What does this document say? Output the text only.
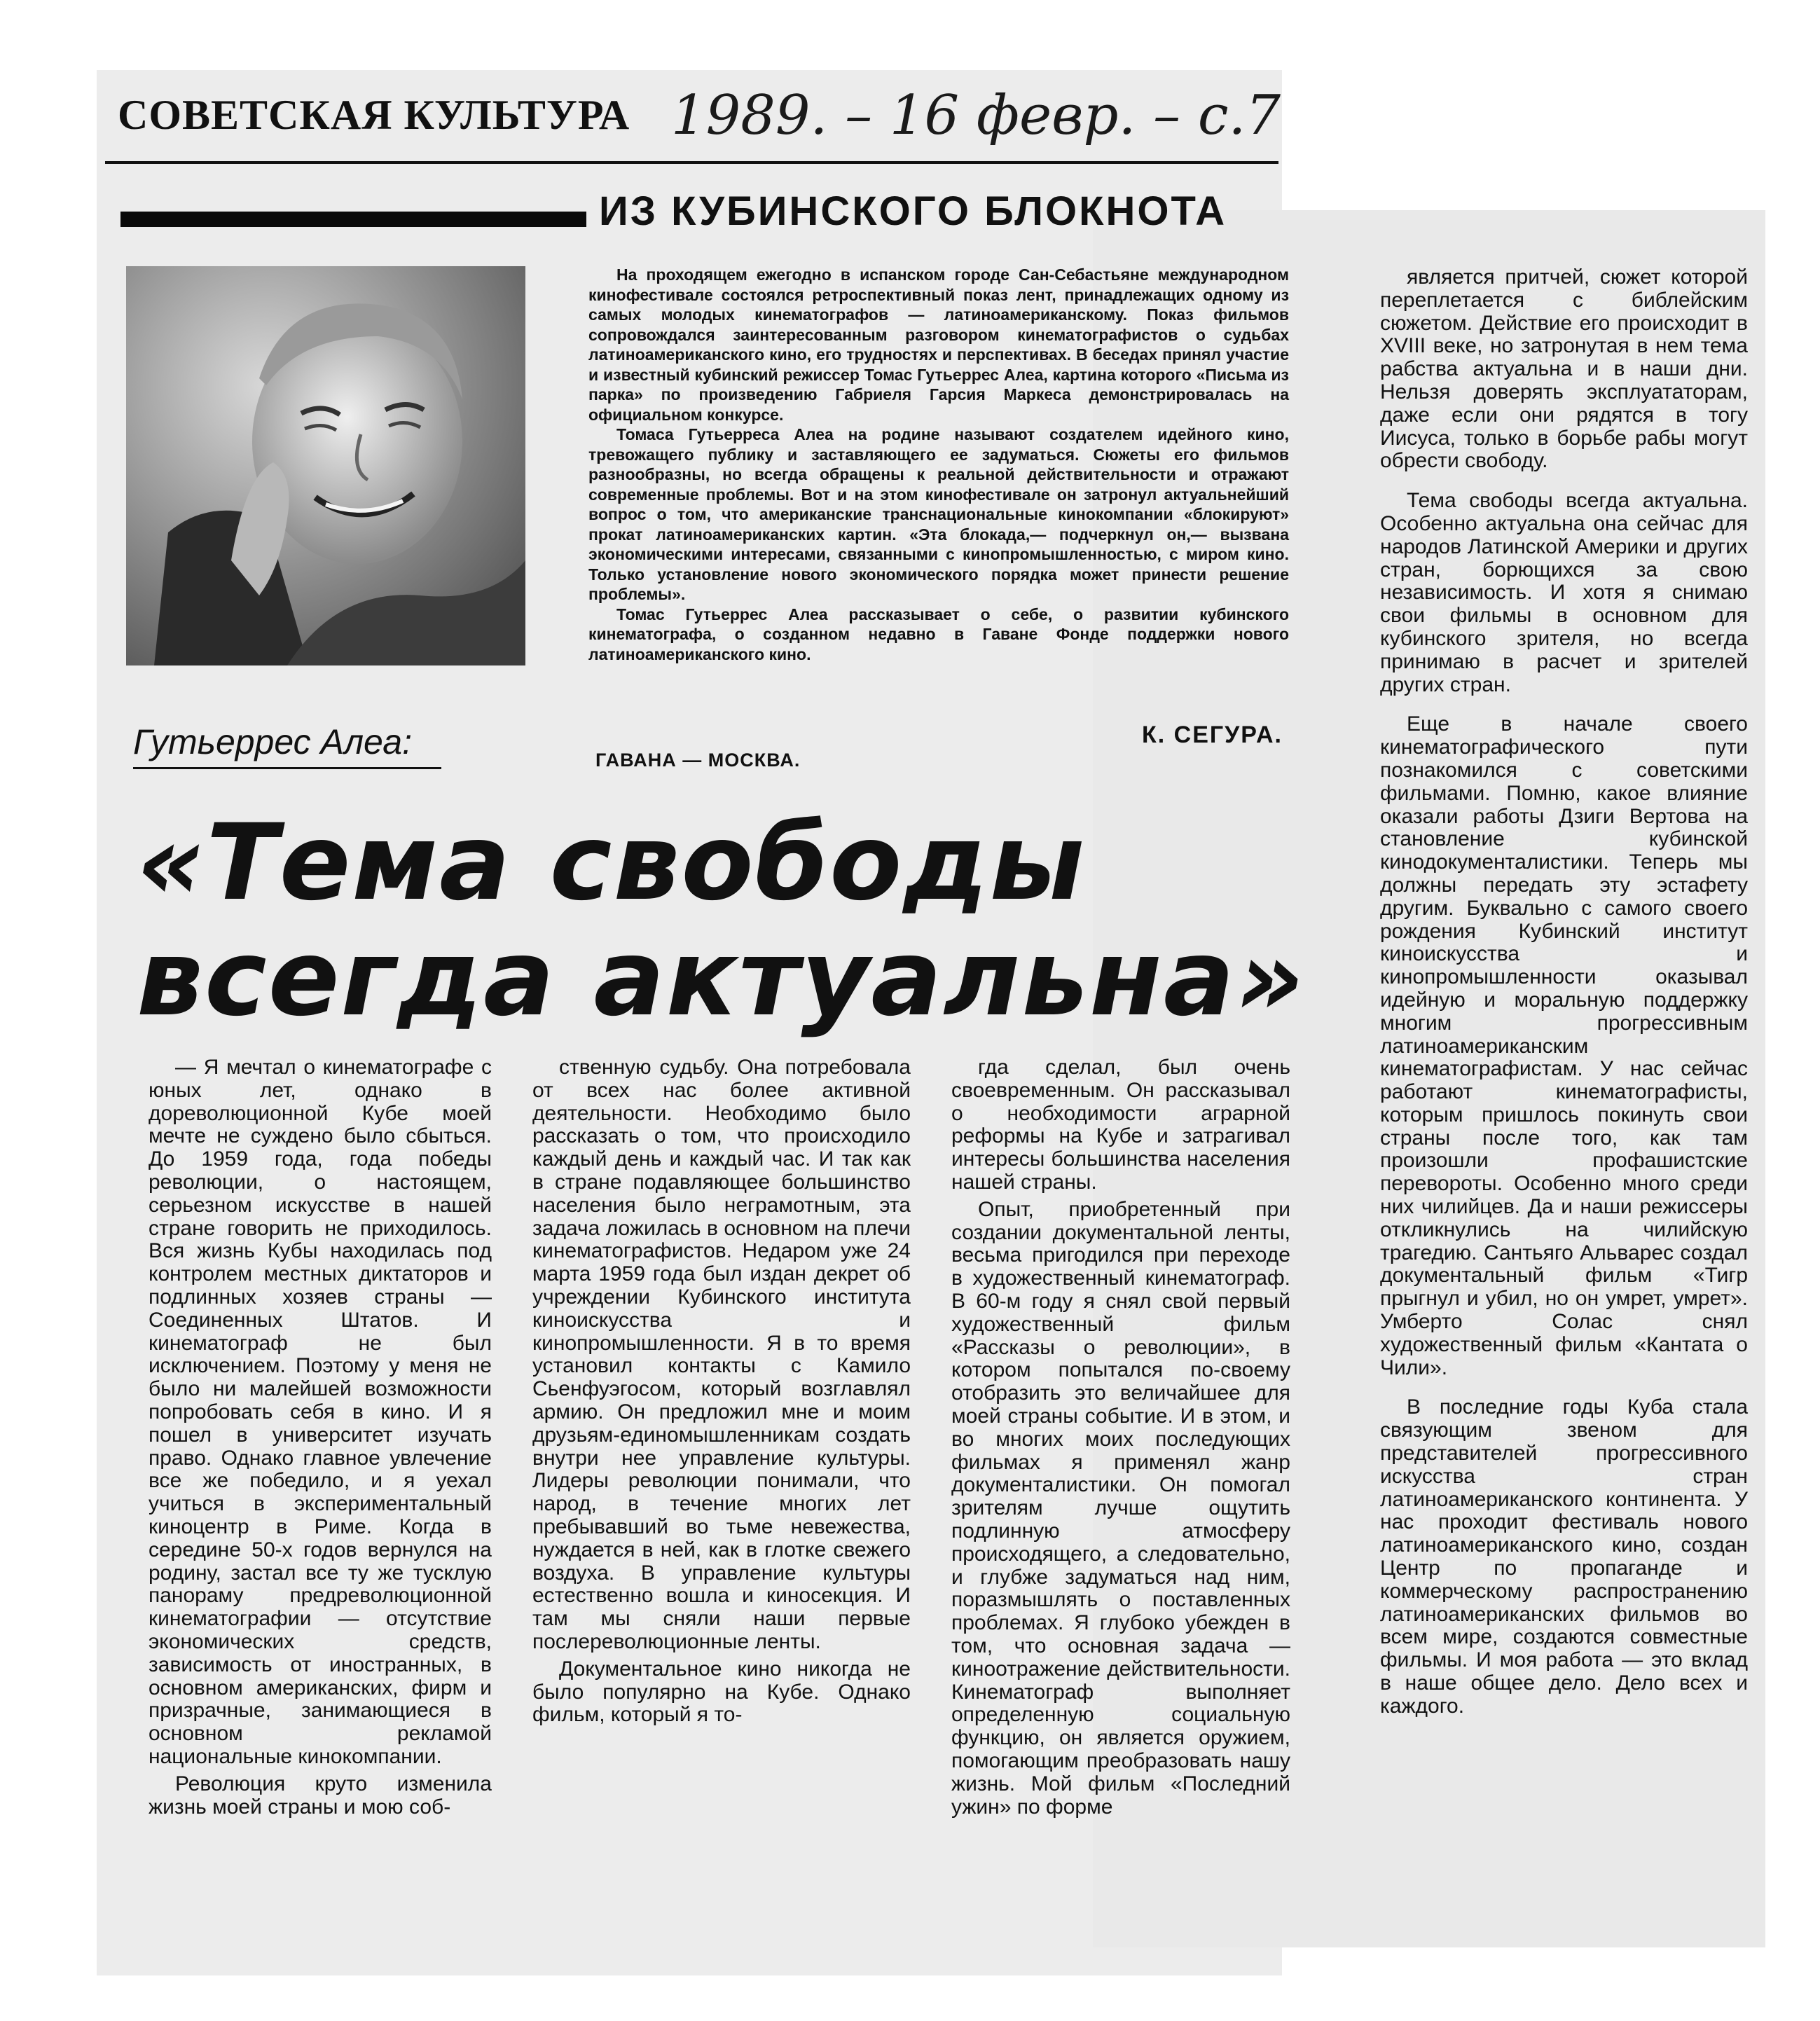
СОВЕТСКАЯ КУЛЬТУРА 1989. – 16 февр. – с.7
ИЗ КУБИНСКОГО БЛОКНОТА

На проходящем ежегодно в испанском городе Сан-Себастьяне международном кинофестивале состоялся ретроспективный показ лент, принадлежащих одному из самых молодых кинематографов — латиноамериканскому. Показ фильмов сопровождался заинтересованным разговором кинематографистов о судьбах латиноамериканского кино, его трудностях и перспективах. В беседах принял участие и известный кубинский режиссер Томас Гутьеррес Алеа, картина которого «Письма из парка» по произведению Габриеля Гарсия Маркеса демонстрировалась на официальном конкурсе.

Томаса Гутьерреса Алеа на родине называют создателем идейного кино, тревожащего публику и заставляющего ее задуматься. Сюжеты его фильмов разнообразны, но всегда обращены к реальной действительности и отражают современные проблемы. Вот и на этом кинофестивале он затронул актуальнейший вопрос о том, что американские транснациональные кинокомпании «блокируют» прокат латиноамериканских картин. «Эта блокада,— подчеркнул он,— вызвана экономическими интересами, связанными с кинопромышленностью, с миром кино. Только установление нового экономического порядка может принести решение проблемы».

Томас Гутьеррес Алеа рассказывает о себе, о развитии кубинского кинематографа, о созданном недавно в Гаване Фонде поддержки нового латиноамериканского кино.

К. СЕГУРА.
ГАВАНА — МОСКВА.
Гутьеррес Алеа:
«Тема свободы
всегда актуальна»

— Я мечтал о кинематографе с юных лет, однако в дореволюционной Кубе моей мечте не суждено было сбыться. До 1959 года, года победы революции, о настоящем, серьезном искусстве в нашей стране говорить не приходилось. Вся жизнь Кубы находилась под контролем местных диктаторов и подлинных хозяев страны — Соединенных Штатов. И кинематограф не был исключением. Поэтому у меня не было ни малейшей возможности попробовать себя в кино. И я пошел в университет изучать право. Однако главное увлечение все же победило, и я уехал учиться в экспериментальный киноцентр в Риме. Когда в середине 50-х годов вернулся на родину, застал все ту же тусклую панораму предреволюционной кинематографии — отсутствие экономических средств, зависимость от иностранных, в основном американских, фирм и призрачные, занимающиеся в основном рекламой национальные кинокомпании.

Революция круто изменила жизнь моей страны и мою соб-

ственную судьбу. Она потребовала от всех нас более активной деятельности. Необходимо было рассказать о том, что происходило каждый день и каждый час. И так как в стране подавляющее большинство населения было неграмотным, эта задача ложилась в основном на плечи кинематографистов. Недаром уже 24 марта 1959 года был издан декрет об учреждении Кубинского института киноискусства и кинопромышленности. Я в то время установил контакты с Камило Сьенфуэгосом, который возглавлял армию. Он предложил мне и моим друзьям-единомышленникам создать внутри нее управление культуры. Лидеры революции понимали, что народ, в течение многих лет пребывавший во тьме невежества, нуждается в ней, как в глотке свежего воздуха. В управление культуры естественно вошла и киносекция. И там мы сняли наши первые послереволюционные ленты.

Документальное кино никогда не было популярно на Кубе. Однако фильм, который я то-

гда сделал, был очень своевременным. Он рассказывал о необходимости аграрной реформы на Кубе и затрагивал интересы большинства населения нашей страны.

Опыт, приобретенный при создании документальной ленты, весьма пригодился при переходе в художественный кинематограф. В 60-м году я снял свой первый художественный фильм «Рассказы о революции», в котором попытался по-своему отобразить это величайшее для моей страны событие. И в этом, и во многих моих последующих фильмах я применял жанр документалистики. Он помогал зрителям лучше ощутить подлинную атмосферу происходящего, а следовательно, и глубже задуматься над ним, поразмышлять о поставленных проблемах. Я глубоко убежден в том, что основная задача — киноотражение действительности. Кинематограф выполняет определенную социальную функцию, он является оружием, помогающим преобразовать нашу жизнь. Мой фильм «Последний ужин» по форме

является притчей, сюжет которой переплетается с библейским сюжетом. Действие его происходит в XVIII веке, но затронутая в нем тема рабства актуальна и в наши дни. Нельзя доверять эксплуататорам, даже если они рядятся в тогу Иисуса, только в борьбе рабы могут обрести свободу.

Тема свободы всегда актуальна. Особенно актуальна она сейчас для народов Латинской Америки и других стран, борющихся за свою независимость. И хотя я снимаю свои фильмы в основном для кубинского зрителя, но всегда принимаю в расчет и зрителей других стран.

Еще в начале своего кинематографического пути познакомился с советскими фильмами. Помню, какое влияние оказали работы Дзиги Вертова на становление кубинской кинодокументалистики. Теперь мы должны передать эту эстафету другим. Буквально с самого своего рождения Кубинский институт киноискусства и кинопромышленности оказывал идейную и моральную поддержку многим прогрессивным латиноамериканским кинематографистам. У нас сейчас работают кинематографисты, которым пришлось покинуть свои страны после того, как там произошли профашистские перевороты. Особенно много среди них чилийцев. Да и наши режиссеры откликнулись на чилийскую трагедию. Сантьяго Альварес создал документальный фильм «Тигр прыгнул и убил, но он умрет, умрет». Умберто Солас снял художественный фильм «Кантата о Чили».

В последние годы Куба стала связующим звеном для представителей прогрессивного искусства стран латиноамериканского континента. У нас проходит фестиваль нового латиноамериканского кино, создан Центр по пропаганде и коммерческому распространению латиноамериканских фильмов во всем мире, создаются совместные фильмы. И моя работа — это вклад в наше общее дело. Дело всех и каждого.
